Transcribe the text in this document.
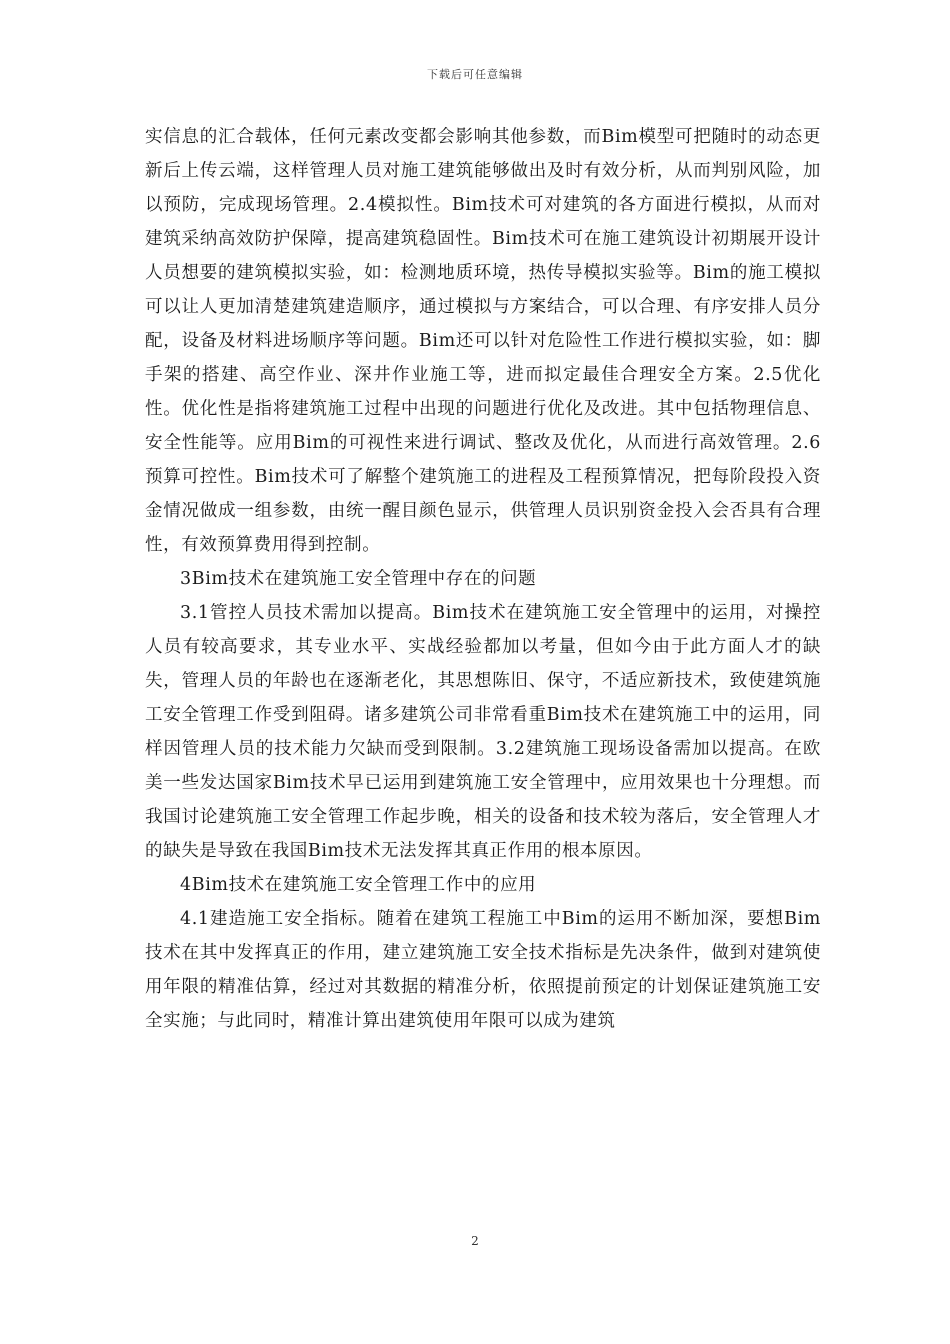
下载后可任意编辑

实信息的汇合载体，任何元素改变都会影响其他参数，而Bim模型可把随时的动态更新后上传云端，这样管理人员对施工建筑能够做出及时有效分析，从而判别风险，加以预防，完成现场管理。2.4模拟性。Bim技术可对建筑的各方面进行模拟，从而对建筑采纳高效防护保障，提高建筑稳固性。Bim技术可在施工建筑设计初期展开设计人员想要的建筑模拟实验，如：检测地质环境，热传导模拟实验等。Bim的施工模拟可以让人更加清楚建筑建造顺序，通过模拟与方案结合，可以合理、有序安排人员分配，设备及材料进场顺序等问题。Bim还可以针对危险性工作进行模拟实验，如：脚手架的搭建、高空作业、深井作业施工等，进而拟定最佳合理安全方案。2.5优化性。优化性是指将建筑施工过程中出现的问题进行优化及改进。其中包括物理信息、安全性能等。应用Bim的可视性来进行调试、整改及优化，从而进行高效管理。2.6预算可控性。Bim技术可了解整个建筑施工的进程及工程预算情况，把每阶段投入资金情况做成一组参数，由统一醒目颜色显示，供管理人员识别资金投入会否具有合理性，有效预算费用得到控制。

3Bim技术在建筑施工安全管理中存在的问题

3.1管控人员技术需加以提高。Bim技术在建筑施工安全管理中的运用，对操控人员有较高要求，其专业水平、实战经验都加以考量，但如今由于此方面人才的缺失，管理人员的年龄也在逐渐老化，其思想陈旧、保守，不适应新技术，致使建筑施工安全管理工作受到阻碍。诸多建筑公司非常看重Bim技术在建筑施工中的运用，同样因管理人员的技术能力欠缺而受到限制。3.2建筑施工现场设备需加以提高。在欧美一些发达国家Bim技术早已运用到建筑施工安全管理中，应用效果也十分理想。而我国讨论建筑施工安全管理工作起步晚，相关的设备和技术较为落后，安全管理人才的缺失是导致在我国Bim技术无法发挥其真正作用的根本原因。

4Bim技术在建筑施工安全管理工作中的应用

4.1建造施工安全指标。随着在建筑工程施工中Bim的运用不断加深，要想Bim技术在其中发挥真正的作用，建立建筑施工安全技术指标是先决条件，做到对建筑使用年限的精准估算，经过对其数据的精准分析，依照提前预定的计划保证建筑施工安全实施；与此同时，精准计算出建筑使用年限可以成为建筑

2
